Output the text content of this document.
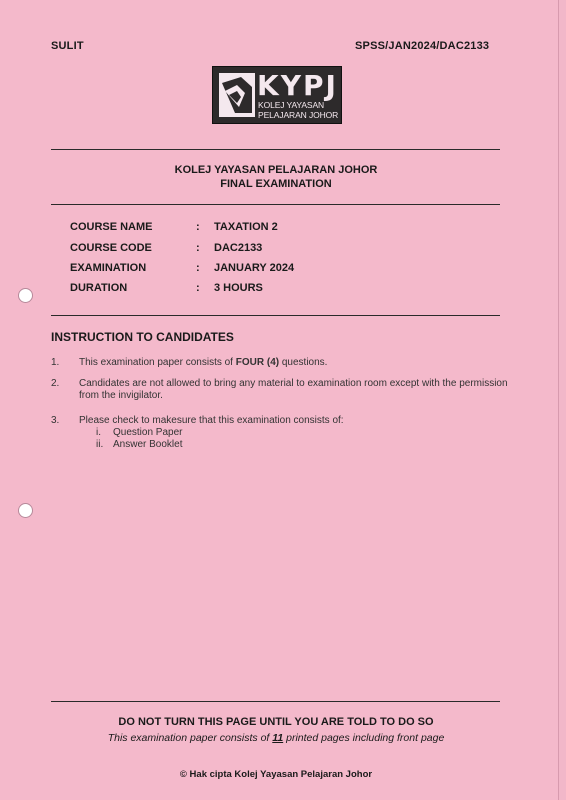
SULIT	SPSS/JAN2024/DAC2133
KYPJ
KOLEJ YAYASAN
PELAJARAN JOHOR
KOLEJ YAYASAN PELAJARAN JOHOR
FINAL EXAMINATION
COURSE NAME	: TAXATION 2
COURSE CODE	: DAC2133
EXAMINATION	: JANUARY 2024
DURATION	: 3 HOURS
INSTRUCTION TO CANDIDATES
1. This examination paper consists of FOUR (4) questions.
2. Candidates are not allowed to bring any material to examination room except with the permission from the invigilator.
3. Please check to makesure that this examination consists of:
i. Question Paper
ii. Answer Booklet
DO NOT TURN THIS PAGE UNTIL YOU ARE TOLD TO DO SO
This examination paper consists of 11 printed pages including front page
© Hak cipta Kolej Yayasan Pelajaran Johor
